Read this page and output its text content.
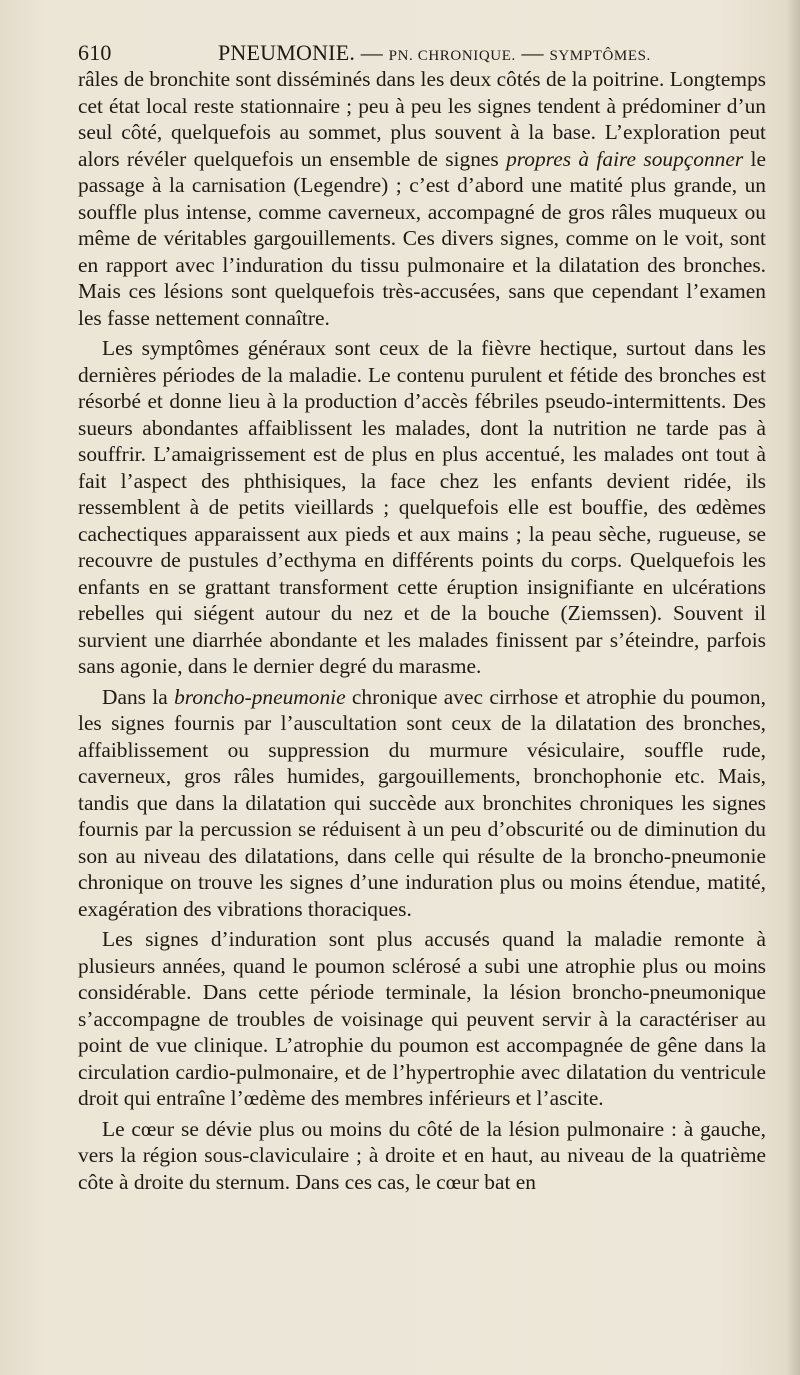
610	PNEUMONIE. — PN. CHRONIQUE. — SYMPTÔMES.

râles de bronchite sont disséminés dans les deux côtés de la poitrine. Longtemps cet état local reste stationnaire ; peu à peu les signes tendent à prédominer d’un seul côté, quelquefois au sommet, plus souvent à la base. L’exploration peut alors révéler quelquefois un ensemble de signes propres à faire soupçonner le passage à la carnisation (Legendre) ; c’est d’abord une matité plus grande, un souffle plus intense, comme caverneux, accompagné de gros râles muqueux ou même de véritables gargouillements. Ces divers signes, comme on le voit, sont en rapport avec l’induration du tissu pulmonaire et la dilatation des bronches. Mais ces lésions sont quelquefois très-accusées, sans que cependant l’examen les fasse nettement connaître.

Les symptômes généraux sont ceux de la fièvre hectique, surtout dans les dernières périodes de la maladie. Le contenu purulent et fétide des bronches est résorbé et donne lieu à la production d’accès fébriles pseudo-intermittents. Des sueurs abondantes affaiblissent les malades, dont la nutrition ne tarde pas à souffrir. L’amaigrissement est de plus en plus accentué, les malades ont tout à fait l’aspect des phthisiques, la face chez les enfants devient ridée, ils ressemblent à de petits vieillards ; quelquefois elle est bouffie, des œdèmes cachectiques apparaissent aux pieds et aux mains ; la peau sèche, rugueuse, se recouvre de pustules d’ecthyma en différents points du corps. Quelquefois les enfants en se grattant transforment cette éruption insignifiante en ulcérations rebelles qui siégent autour du nez et de la bouche (Ziemssen). Souvent il survient une diarrhée abondante et les malades finissent par s’éteindre, parfois sans agonie, dans le dernier degré du marasme.

Dans la broncho-pneumonie chronique avec cirrhose et atrophie du poumon, les signes fournis par l’auscultation sont ceux de la dilatation des bronches, affaiblissement ou suppression du murmure vésiculaire, souffle rude, caverneux, gros râles humides, gargouillements, bronchophonie etc. Mais, tandis que dans la dilatation qui succède aux bronchites chroniques les signes fournis par la percussion se réduisent à un peu d’obscurité ou de diminution du son au niveau des dilatations, dans celle qui résulte de la broncho-pneumonie chronique on trouve les signes d’une induration plus ou moins étendue, matité, exagération des vibrations thoraciques.

Les signes d’induration sont plus accusés quand la maladie remonte à plusieurs années, quand le poumon sclérosé a subi une atrophie plus ou moins considérable. Dans cette période terminale, la lésion broncho-pneumonique s’accompagne de troubles de voisinage qui peuvent servir à la caractériser au point de vue clinique. L’atrophie du poumon est accompagnée de gêne dans la circulation cardio-pulmonaire, et de l’hypertrophie avec dilatation du ventricule droit qui entraîne l’œdème des membres inférieurs et l’ascite.

Le cœur se dévie plus ou moins du côté de la lésion pulmonaire : à gauche, vers la région sous-claviculaire ; à droite et en haut, au niveau de la quatrième côte à droite du sternum. Dans ces cas, le cœur bat en
